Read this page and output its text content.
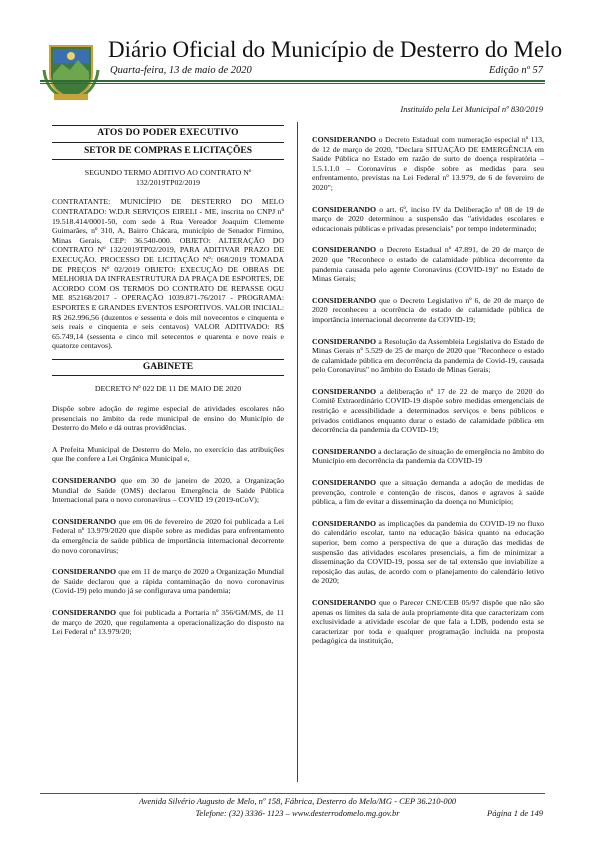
Diário Oficial do Município de Desterro do Melo
Quarta-feira, 13 de maio de 2020	Edição nº 57
Instituído pela Lei Municipal nº 830/2019
ATOS DO PODER EXECUTIVO
SETOR DE COMPRAS E LICITAÇÕES
SEGUNDO TERMO ADITIVO AO CONTRATO Nº 132/2019TP02/2019

CONTRATANTE: MUNICÍPIO DE DESTERRO DO MELO CONTRATADO: W.D.R SERVIÇOS EIRELI - ME, inscrita no CNPJ nº 19.518.414/0001-50, com sede à Rua Vereador Joaquim Clemente Guimarães, nº 310, A, Bairro Chácara, município de Senador Firmino, Minas Gerais, CEP: 36.540-000. OBJETO: ALTERAÇÃO DO CONTRATO Nº 132/2019TP02/2019, PARA ADITIVAR PRAZO DE EXECUÇÃO. PROCESSO DE LICITAÇÃO Nº: 068/2019 TOMADA DE PREÇOS Nº 02/2019 OBJETO: EXECUÇÃO DE OBRAS DE MELHORIA DA INFRAESTRUTURA DA PRAÇA DE ESPORTES, DE ACORDO COM OS TERMOS DO CONTRATO DE REPASSE OGU ME 852168/2017 - OPERAÇÃO 1039.871-76/2017 - PROGRAMA: ESPORTES E GRANDES EVENTOS ESPORTIVOS. VALOR INICIAL: R$ 262.996,56 (duzentos e sessenta e dois mil novecentos e cinquenta e seis reais e cinquenta e seis centavos) VALOR ADITIVADO: R$ 65.749,14 (sessenta e cinco mil setecentos e quarenta e nove reais e quatorze centavos).

GABINETE
DECRETO Nº 022 DE 11 DE MAIO DE 2020

Dispõe sobre adoção de regime especial de atividades escolares não presenciais no âmbito da rede municipal de ensino do Município de Desterro do Melo e dá outras providências.

A Prefeita Municipal de Desterro do Melo, no exercício das atribuições que lhe confere a Lei Orgânica Municipal e,

CONSIDERANDO que em 30 de janeiro de 2020, a Organização Mundial de Saúde (OMS) declarou Emergência de Saúde Pública Internacional para o novo coronavírus – COVID 19 (2019-nCoV);

CONSIDERANDO que em 06 de fevereiro de 2020 foi publicada a Lei Federal nº 13.979/2020 que dispõe sobre as medidas para enfrentamento da emergência de saúde pública de importância internacional decorrente do novo coronavírus;

CONSIDERANDO que em 11 de março de 2020 a Organização Mundial de Saúde declarou que a rápida contaminação do novo coronavírus (Covid-19) pelo mundo já se configurava uma pandemia;

CONSIDERANDO que foi publicada a Portaria nº 356/GM/MS, de 11 de março de 2020, que regulamenta a operacionalização do disposto na Lei Federal nº 13.979/20;

CONSIDERANDO o Decreto Estadual com numeração especial nº 113, de 12 de março de 2020, "Declara SITUAÇÃO DE EMERGÊNCIA em Saúde Pública no Estado em razão de surto de doença respiratória – 1.5.1.1.0 – Coronavírus e dispõe sobre as medidas para seu enfrentamento, previstas na Lei Federal nº 13.979, de 6 de fevereiro de 2020";

CONSIDERANDO o art. 6º, inciso IV da Deliberação nº 08 de 19 de março de 2020 determinou a suspensão das "atividades escolares e educacionais públicas e privadas presenciais" por tempo indeterminado;

CONSIDERANDO o Decreto Estadual nº 47.891, de 20 de março de 2020 que "Reconhece o estado de calamidade pública decorrente da pandemia causada pelo agente Coronavírus (COVID-19)" no Estado de Minas Gerais;

CONSIDERANDO que o Decreto Legislativo nº 6, de 20 de março de 2020 reconheceu a ocorrência de estado de calamidade pública de importância internacional decorrente da COVID-19;

CONSIDERANDO a Resolução da Assembleia Legislativa do Estado de Minas Gerais nº 5.529 de 25 de março de 2020 que "Reconhece o estado de calamidade pública em decorrência da pandemia de Covid-19, causada pelo Coronavírus" no âmbito do Estado de Minas Gerais;

CONSIDERANDO a deliberação nº 17 de 22 de março de 2020 do Comitê Extraordinário COVID-19 dispõe sobre medidas emergenciais de restrição e acessibilidade a determinados serviços e bens públicos e privados cotidianos enquanto durar o estado de calamidade pública em decorrência da pandemia da COVID-19;

CONSIDERANDO a declaração de situação de emergência no âmbito do Município em decorrência da pandemia da COVID-19

CONSIDERANDO que a situação demanda a adoção de medidas de prevenção, controle e contenção de riscos, danos e agravos à saúde pública, a fim de evitar a disseminação da doença no Município;

CONSIDERANDO as implicações da pandemia do COVID-19 no fluxo do calendário escolar, tanto na educação básica quanto na educação superior, bem como a perspectiva de que a duração das medidas de suspensão das atividades escolares presenciais, a fim de minimizar a disseminação da COVID-19, possa ser de tal extensão que inviabilize a reposição das aulas, de acordo com o planejamento do calendário letivo de 2020;

CONSIDERANDO que o Parecer CNE/CEB 05/97 dispõe que não são apenas os limites da sala de aula propriamente dita que caracterizam com exclusividade a atividade escolar de que fala a LDB, podendo esta se caracterizar por toda e qualquer programação incluída na proposta pedagógica da instituição,

Avenida Silvério Augusto de Melo, nº 158, Fábrica, Desterro do Melo/MG - CEP 36.210-000
Telefone: (32) 3336- 1123 – www.desterrodomelo.mg.gov.br	Página 1 de 149
